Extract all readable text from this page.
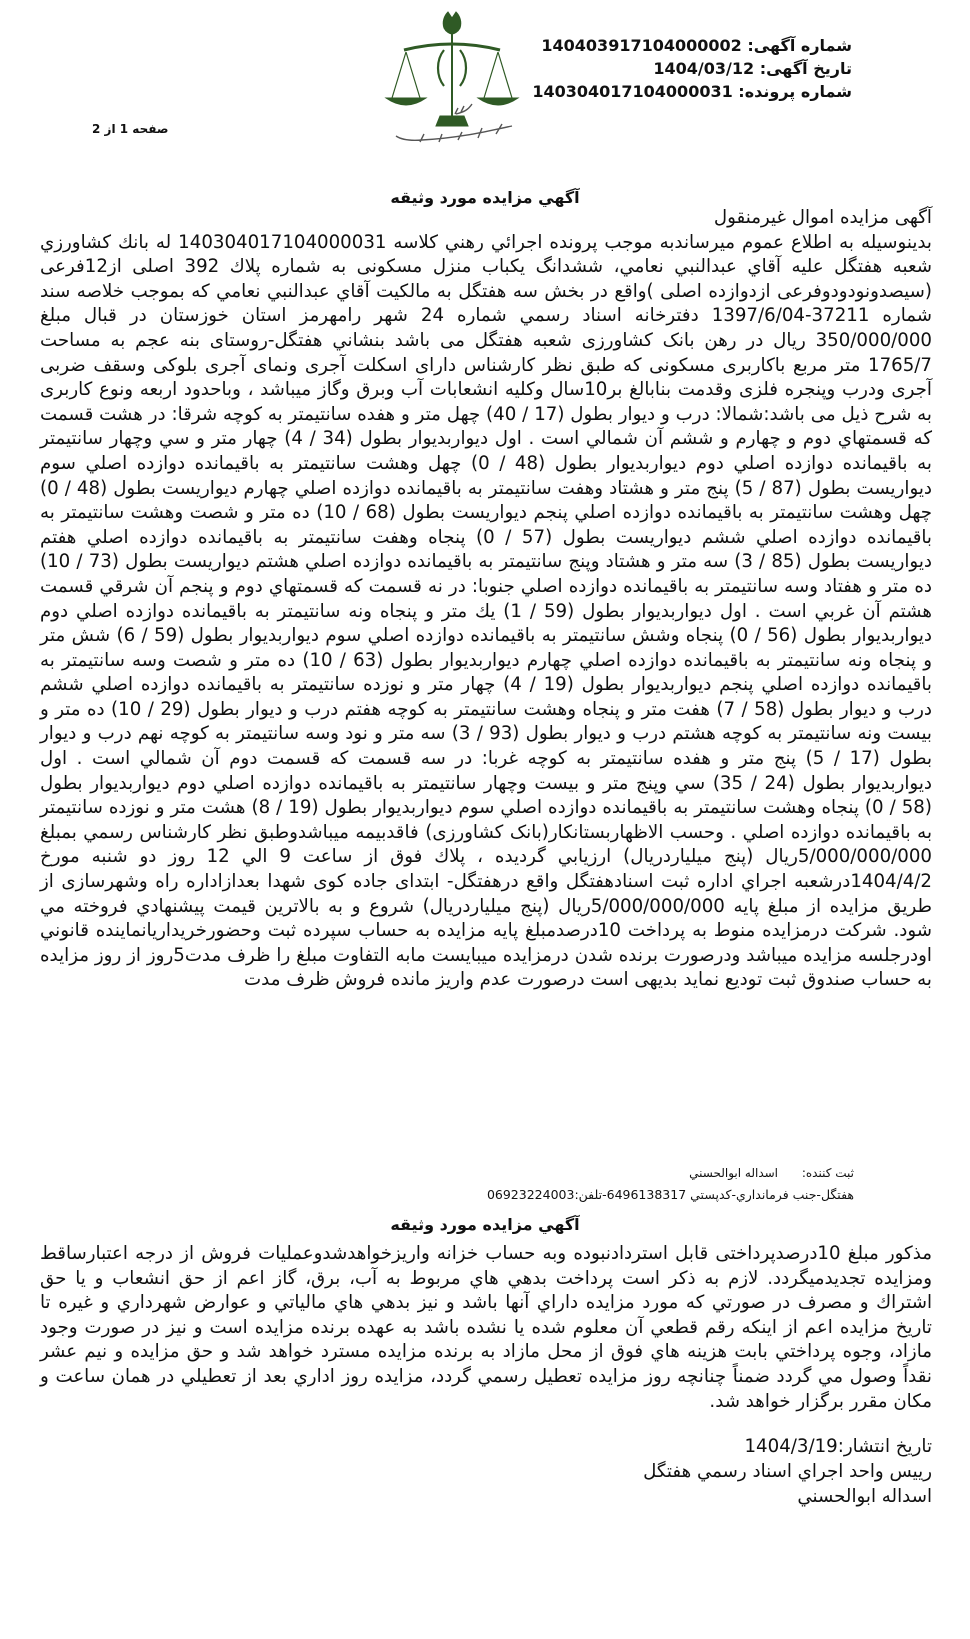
شماره آگهی: 140403917104000002
تاریخ آگهی: 1404/03/12
شماره پرونده: 140304017104000031
صفحه 1 از 2
آگهي مزايده مورد وثيقه
آگهی مزایده اموال غیرمنقول
بدینوسیله به اطلاع عموم میرساندبه موجب پرونده اجرائي رهني كلاسه 140304017104000031 له بانك كشاورزي شعبه هفتگل عليه آقاي عبدالنبي نعامي، ششدانگ يكباب منزل مسكونی به شماره پلاك 392 اصلی از12فرعی (سیصدونودودوفرعی ازدوازده اصلی )واقع در بخش سه هفتگل به مالكيت آقاي عبدالنبي نعامي كه بموجب خلاصه سند شماره 37211-1397/6/04 دفترخانه اسناد رسمي شماره 24 شهر رامهرمز استان خوزستان در قبال مبلغ 350/000/000 ريال در رهن بانک کشاورزی شعبه هفتگل می باشد بنشاني هفتگل-روستای بنه عجم به مساحت 1765/7 متر مربع باکاربری مسکونی كه طبق نظر كارشناس دارای اسکلت آجری ونمای آجری بلوکی وسقف ضربی آجری ودرب وپنجره فلزی وقدمت بنابالغ بر10سال وكليه انشعابات آب وبرق وگاز ميباشد ، وباحدود اربعه ونوع کاربری به شرح ذیل می باشد:شمالا: درب و ديوار بطول (17 / 40) چهل متر و هفده سانتيمتر به كوچه شرقا: در هشت قسمت كه قسمتهاي دوم و چهارم و ششم آن شمالي است . اول ديواربديوار بطول (34 / 4) چهار متر و سي وچهار سانتيمتر به باقيمانده دوازده اصلي دوم ديواربديوار بطول (48 / 0) چهل وهشت سانتيمتر به باقيمانده دوازده اصلي سوم ديواريست بطول (87 / 5) پنج متر و هشتاد وهفت سانتيمتر به باقيمانده دوازده اصلي چهارم ديواريست بطول (48 / 0) چهل وهشت سانتيمتر به باقيمانده دوازده اصلي پنجم ديواريست بطول (68 / 10) ده متر و شصت وهشت سانتيمتر به باقيمانده دوازده اصلي ششم ديواريست بطول (57 / 0) پنجاه وهفت سانتيمتر به باقيمانده دوازده اصلي هفتم ديواريست بطول (85 / 3) سه متر و هشتاد وپنج سانتيمتر به باقيمانده دوازده اصلي هشتم ديواريست بطول (73 / 10) ده متر و هفتاد وسه سانتيمتر به باقيمانده دوازده اصلي جنوبا: در نه قسمت كه قسمتهاي دوم و پنجم آن شرقي قسمت هشتم آن غربي است . اول ديواربديوار بطول (59 / 1) يك متر و پنجاه ونه سانتيمتر به باقيمانده دوازده اصلي دوم ديواربديوار بطول (56 / 0) پنجاه وشش سانتيمتر به باقيمانده دوازده اصلي سوم ديواربديوار بطول (59 / 6) شش متر و پنجاه ونه سانتيمتر به باقيمانده دوازده اصلي چهارم ديواربديوار بطول (63 / 10) ده متر و شصت وسه سانتيمتر به باقيمانده دوازده اصلي پنجم ديواربديوار بطول (19 / 4) چهار متر و نوزده سانتيمتر به باقيمانده دوازده اصلي ششم درب و ديوار بطول (58 / 7) هفت متر و پنجاه وهشت سانتيمتر به كوچه هفتم درب و ديوار بطول (29 / 10) ده متر و بيست ونه سانتيمتر به كوچه هشتم درب و ديوار بطول (93 / 3) سه متر و نود وسه سانتيمتر به كوچه نهم درب و ديوار بطول (17 / 5) پنج متر و هفده سانتيمتر به كوچه غربا: در سه قسمت كه قسمت دوم آن شمالي است . اول ديواربديوار بطول (24 / 35) سي وپنج متر و بيست وچهار سانتيمتر به باقيمانده دوازده اصلي دوم ديواربديوار بطول (58 / 0) پنجاه وهشت سانتيمتر به باقيمانده دوازده اصلي سوم ديواربديوار بطول (19 / 8) هشت متر و نوزده سانتيمتر به باقيمانده دوازده اصلي . وحسب الاظهاربستانكار(بانک کشاورزی) فاقدبيمه ميباشدوطبق نظر كارشناس رسمي بمبلغ 5/000/000/000ريال (پنج ميلياردريال) ارزيابي گرديده ، پلاك فوق از ساعت 9 الي 12 روز دو شنبه مورخ 1404/4/2درشعبه اجراي اداره ثبت اسنادهفتگل واقع درهفتگل- ابتدای جاده کوی شهدا بعدازاداره راه وشهرسازی از طريق مزايده از مبلغ پايه 5/000/000/000ريال (پنج ميلياردريال) شروع و به بالاترين قيمت پيشنهادي فروخته مي شود. شركت درمزايده منوط به پرداخت 10درصدمبلغ پايه مزايده به حساب سپرده ثبت وحضورخريداريانماينده قانوني اودرجلسه مزايده ميباشد ودرصورت برنده شدن درمزايده ميبايست مابه التفاوت مبلغ را ظرف مدت5روز از روز مزايده به حساب صندوق ثبت توديع نمايد بديهی است درصورت عدم واريز مانده فروش ظرف مدت
ثبت کننده: اسداله ابوالحسني
هفتگل-جنب فرمانداري-کدپستي 6496138317-تلفن:06923224003
آگهي مزايده مورد وثيقه
مذکور مبلغ 10درصدپرداختی قابل استردادنبوده وبه حساب خزانه واريزخواهدشدوعمليات فروش از درجه اعتبارساقط ومزايده تجديدميگردد. لازم به ذكر است پرداخت بدهي هاي مربوط به آب، برق، گاز اعم از حق انشعاب و يا حق اشتراك و مصرف در صورتي كه مورد مزايده داراي آنها باشد و نيز بدهي هاي مالياتي و عوارض شهرداري و غيره تا تاريخ مزايده اعم از اينكه رقم قطعي آن معلوم شده يا نشده باشد به عهده برنده مزايده است و نيز در صورت وجود مازاد، وجوه پرداختي بابت هزينه هاي فوق از محل مازاد به برنده مزايده مسترد خواهد شد و حق مزايده و نيم عشر نقداً وصول مي گردد ضمناً چنانچه روز مزايده تعطيل رسمي گردد، مزايده روز اداري بعد از تعطيلي در همان ساعت و مكان مقرر برگزار خواهد شد.
تاریخ انتشار:1404/3/19
رييس واحد اجراي اسناد رسمي هفتگل
اسداله ابوالحسني
